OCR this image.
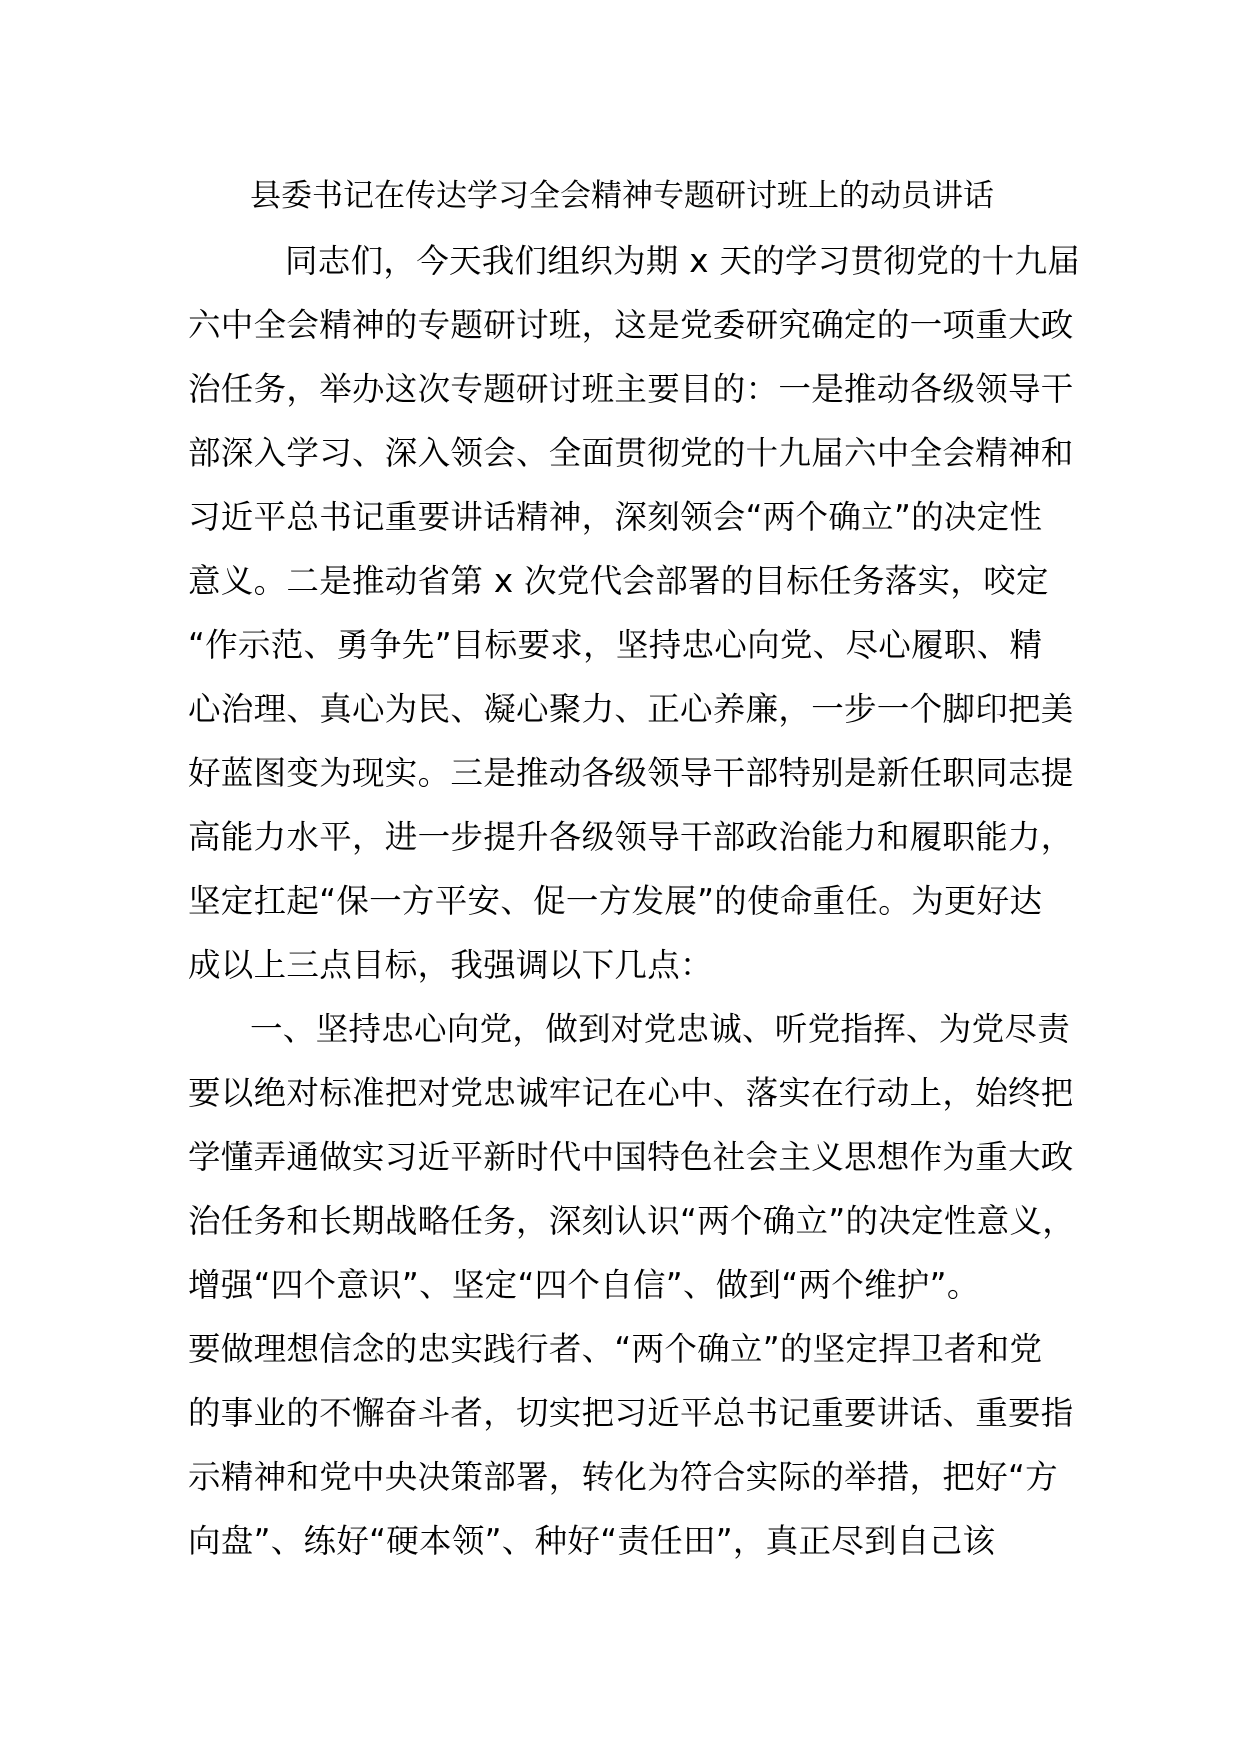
县委书记在传达学习全会精神专题研讨班上的动员讲话
同志们，今天我们组织为期 x 天的学习贯彻党的十九届
六中全会精神的专题研讨班，这是党委研究确定的一项重大政
治任务，举办这次专题研讨班主要目的：一是推动各级领导干
部深入学习、深入领会、全面贯彻党的十九届六中全会精神和
习近平总书记重要讲话精神，深刻领会“两个确立”的决定性
意义。二是推动省第 x 次党代会部署的目标任务落实，咬定
“作示范、勇争先”目标要求，坚持忠心向党、尽心履职、精
心治理、真心为民、凝心聚力、正心养廉，一步一个脚印把美
好蓝图变为现实。三是推动各级领导干部特别是新任职同志提
高能力水平，进一步提升各级领导干部政治能力和履职能力，
坚定扛起“保一方平安、促一方发展”的使命重任。为更好达
成以上三点目标，我强调以下几点：
一、坚持忠心向党，做到对党忠诚、听党指挥、为党尽责
要以绝对标准把对党忠诚牢记在心中、落实在行动上，始终把
学懂弄通做实习近平新时代中国特色社会主义思想作为重大政
治任务和长期战略任务，深刻认识“两个确立”的决定性意义，
增强“四个意识”、坚定“四个自信”、做到“两个维护”。
要做理想信念的忠实践行者、“两个确立”的坚定捍卫者和党
的事业的不懈奋斗者，切实把习近平总书记重要讲话、重要指
示精神和党中央决策部署，转化为符合实际的举措，把好“方
向盘”、练好“硬本领”、种好“责任田”，真正尽到自己该
